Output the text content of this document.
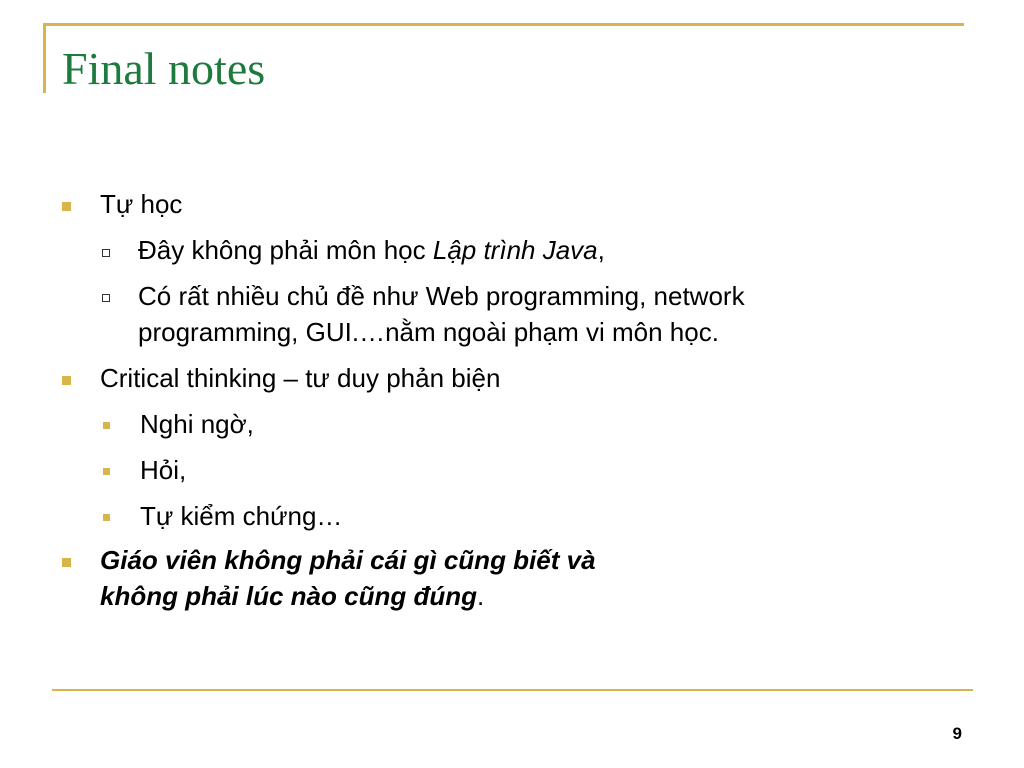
Final notes
Tự học
Đây không phải môn học Lập trình Java,
Có rất nhiều chủ đề như Web programming, network
programming, GUI.…nằm ngoài phạm vi môn học.
Critical thinking – tư duy phản biện
Nghi ngờ,
Hỏi,
Tự kiểm chứng…
Giáo viên không phải cái gì cũng biết và
không phải lúc nào cũng đúng.
9
